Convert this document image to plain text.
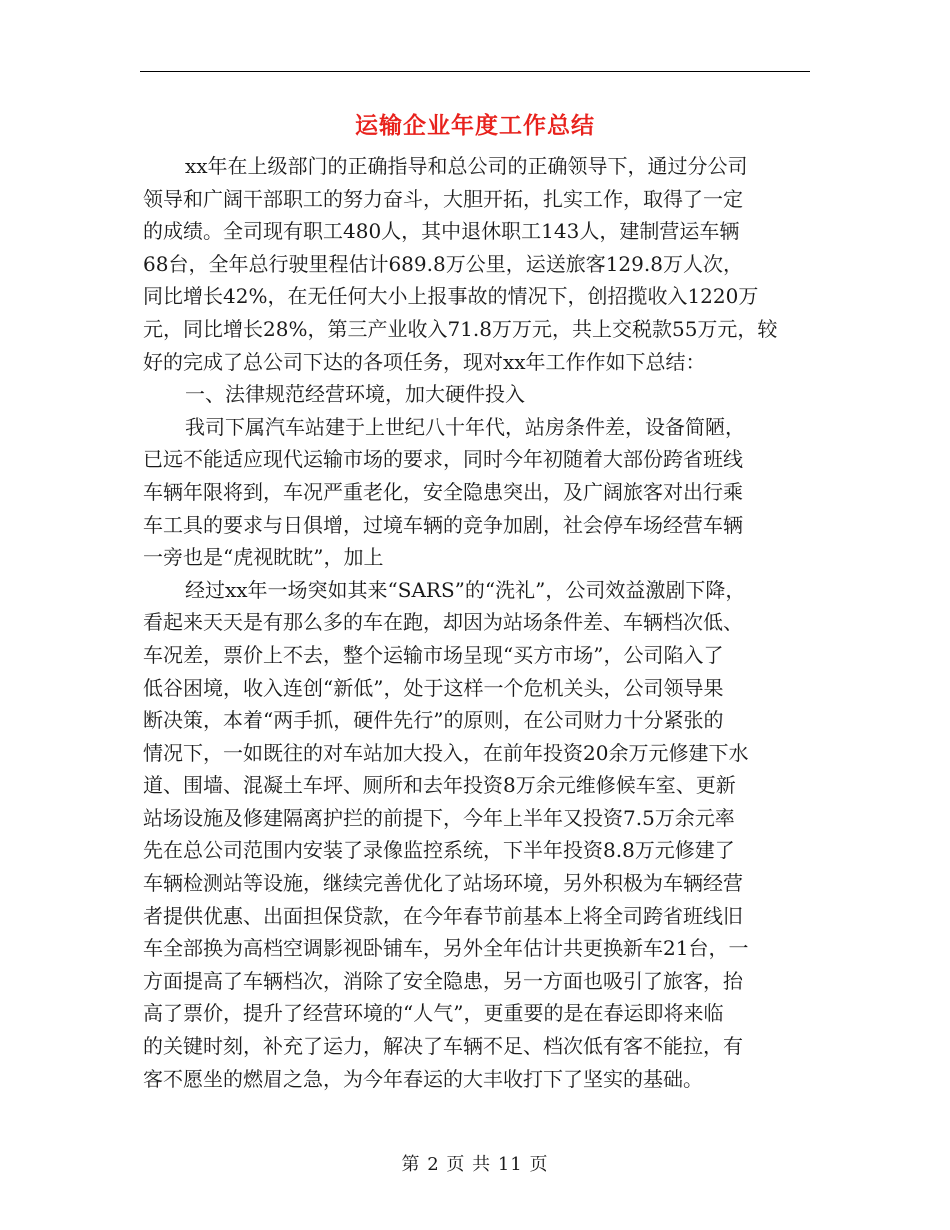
运输企业年度工作总结
xx年在上级部门的正确指导和总公司的正确领导下，通过分公司
领导和广阔干部职工的努力奋斗，大胆开拓，扎实工作，取得了一定
的成绩。全司现有职工480人，其中退休职工143人，建制营运车辆
68台，全年总行驶里程估计689.8万公里，运送旅客129.8万人次，
同比增长42%，在无任何大小上报事故的情况下，创招揽收入1220万
元，同比增长28%，第三产业收入71.8万万元，共上交税款55万元，较
好的完成了总公司下达的各项任务，现对xx年工作作如下总结：
一、法律规范经营环境，加大硬件投入
我司下属汽车站建于上世纪八十年代，站房条件差，设备简陋，
已远不能适应现代运输市场的要求，同时今年初随着大部份跨省班线
车辆年限将到，车况严重老化，安全隐患突出，及广阔旅客对出行乘
车工具的要求与日俱增，过境车辆的竞争加剧，社会停车场经营车辆
一旁也是“虎视眈眈”，加上
经过xx年一场突如其来“SARS”的“洗礼”，公司效益激剧下降，
看起来天天是有那么多的车在跑，却因为站场条件差、车辆档次低、
车况差，票价上不去，整个运输市场呈现“买方市场”，公司陷入了
低谷困境，收入连创“新低”，处于这样一个危机关头，公司领导果
断决策，本着“两手抓，硬件先行”的原则，在公司财力十分紧张的
情况下，一如既往的对车站加大投入，在前年投资20余万元修建下水
道、围墙、混凝土车坪、厕所和去年投资8万余元维修候车室、更新
站场设施及修建隔离护拦的前提下，今年上半年又投资7.5万余元率
先在总公司范围内安装了录像监控系统，下半年投资8.8万元修建了
车辆检测站等设施，继续完善优化了站场环境，另外积极为车辆经营
者提供优惠、出面担保贷款，在今年春节前基本上将全司跨省班线旧
车全部换为高档空调影视卧铺车，另外全年估计共更换新车21台，一
方面提高了车辆档次，消除了安全隐患，另一方面也吸引了旅客，抬
高了票价，提升了经营环境的“人气”，更重要的是在春运即将来临
的关键时刻，补充了运力，解决了车辆不足、档次低有客不能拉，有
客不愿坐的燃眉之急，为今年春运的大丰收打下了坚实的基础。
第 2 页 共 11 页
